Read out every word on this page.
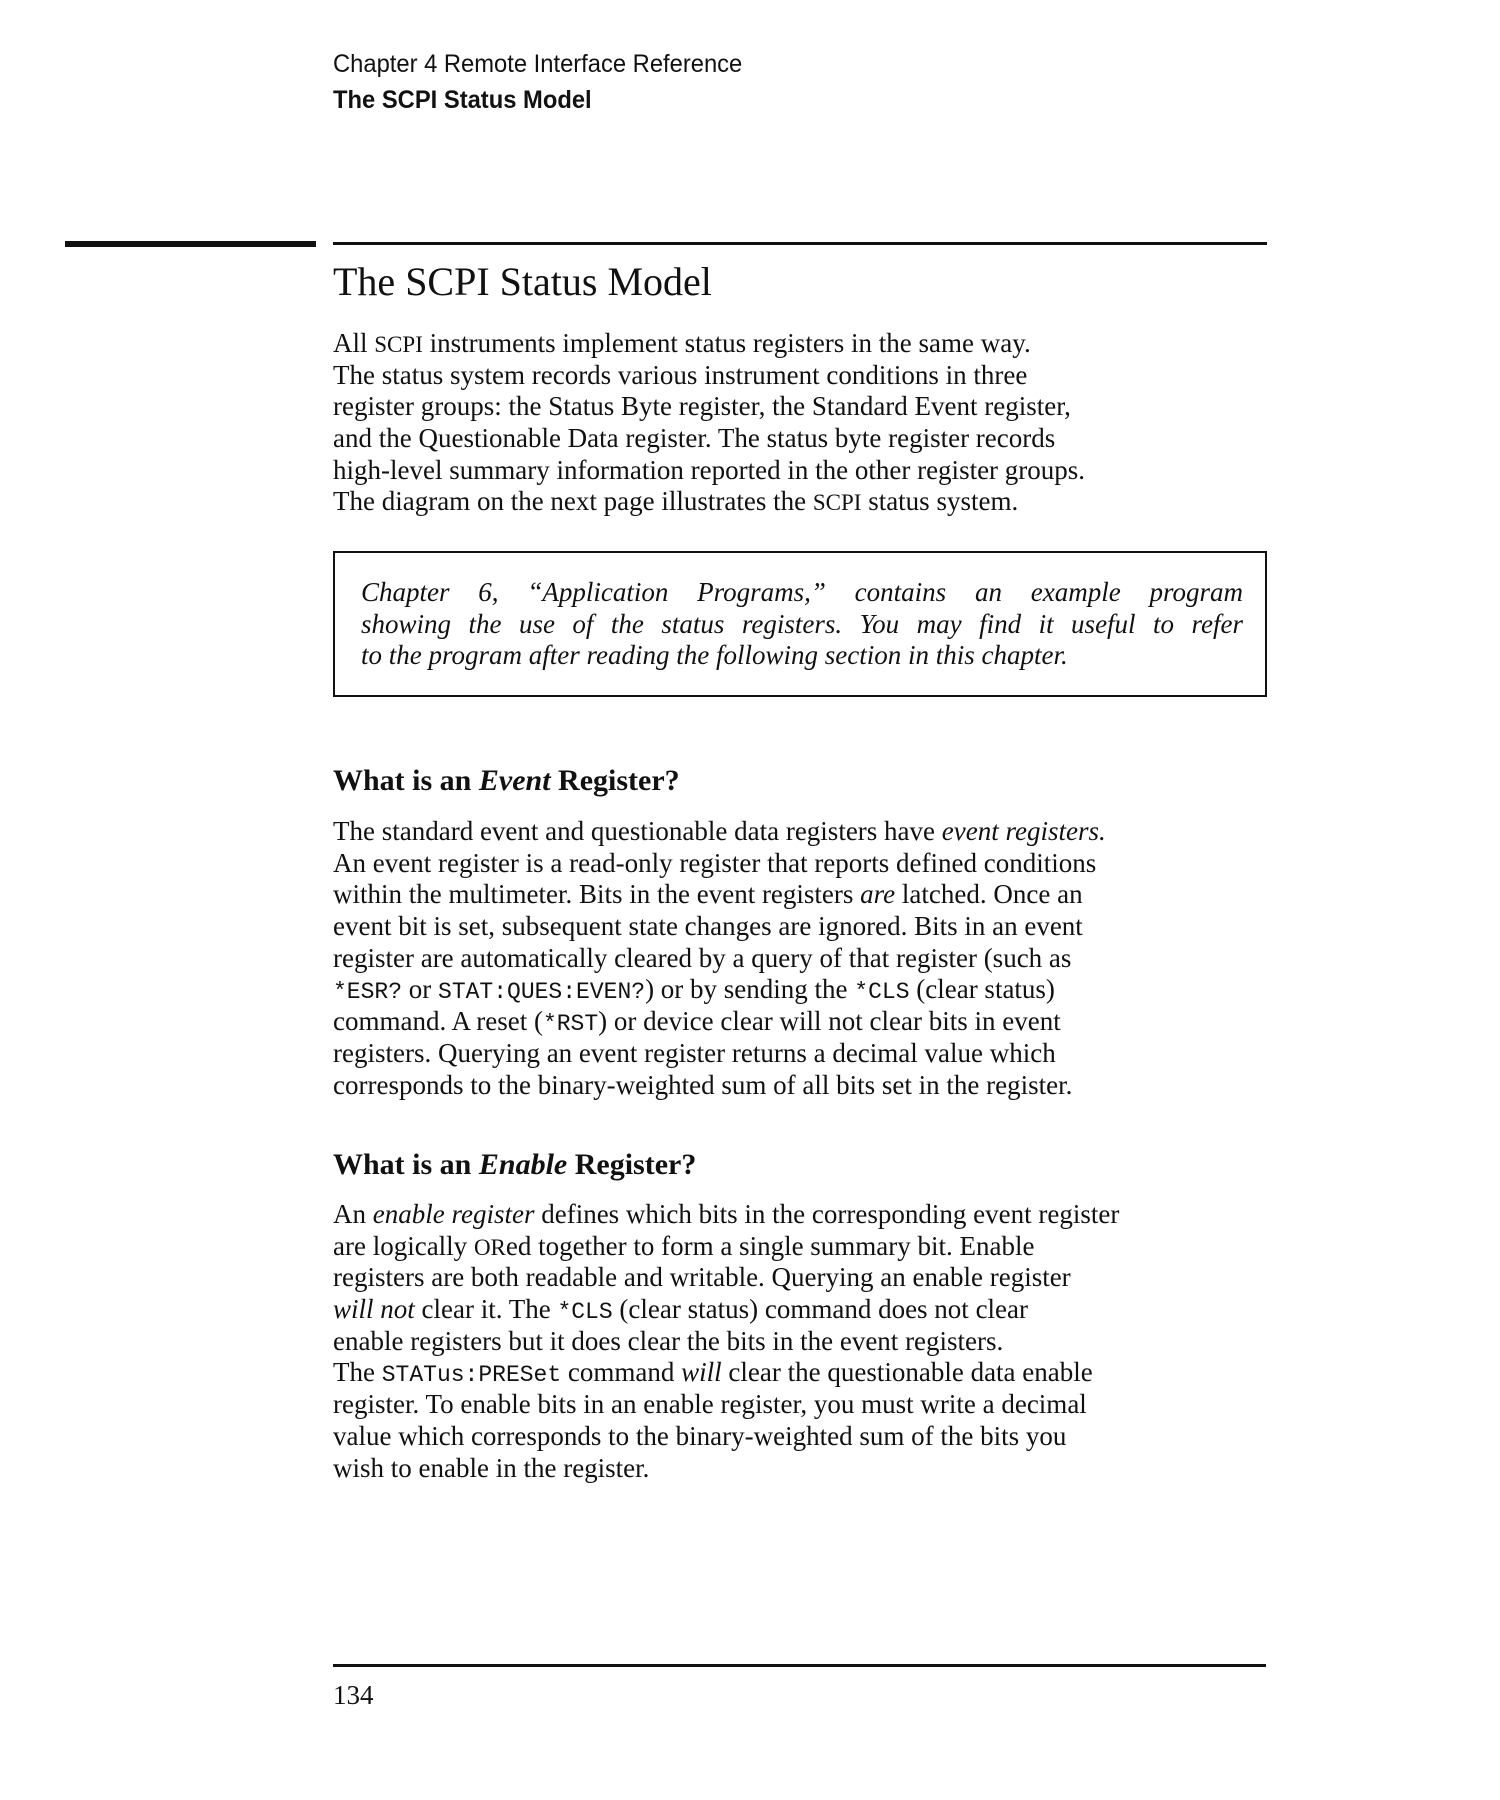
Chapter 4 Remote Interface Reference
The SCPI Status Model
The SCPI Status Model
All SCPI instruments implement status registers in the same way.
The status system records various instrument conditions in three
register groups: the Status Byte register, the Standard Event register,
and the Questionable Data register. The status byte register records
high-level summary information reported in the other register groups.
The diagram on the next page illustrates the SCPI status system.
Chapter 6, “Application Programs,” contains an example program
showing the use of the status registers. You may find it useful to refer
to the program after reading the following section in this chapter.
What is an Event Register?
The standard event and questionable data registers have event registers.
An event register is a read-only register that reports defined conditions
within the multimeter. Bits in the event registers are latched. Once an
event bit is set, subsequent state changes are ignored. Bits in an event
register are automatically cleared by a query of that register (such as
*ESR? or STAT:QUES:EVEN?) or by sending the *CLS (clear status)
command. A reset (*RST) or device clear will not clear bits in event
registers. Querying an event register returns a decimal value which
corresponds to the binary-weighted sum of all bits set in the register.
What is an Enable Register?
An enable register defines which bits in the corresponding event register
are logically ORed together to form a single summary bit. Enable
registers are both readable and writable. Querying an enable register
will not clear it. The *CLS (clear status) command does not clear
enable registers but it does clear the bits in the event registers.
The STATus:PRESet command will clear the questionable data enable
register. To enable bits in an enable register, you must write a decimal
value which corresponds to the binary-weighted sum of the bits you
wish to enable in the register.
134
